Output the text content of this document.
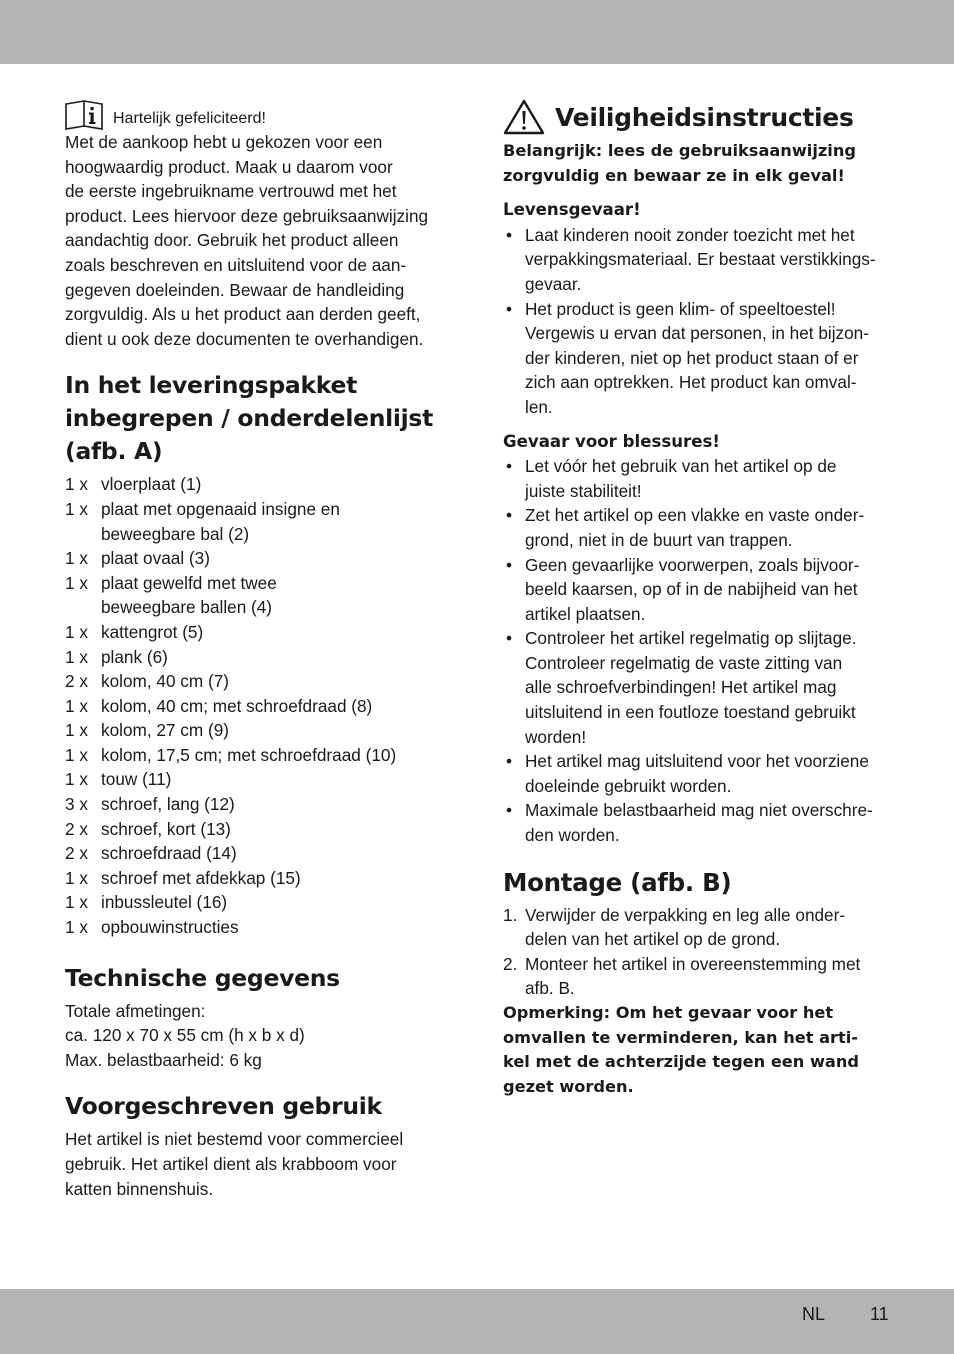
Hartelijk gefeliciteerd!
Met de aankoop hebt u gekozen voor een
hoogwaardig product. Maak u daarom voor
de eerste ingebruikname vertrouwd met het
product. Lees hiervoor deze gebruiksaanwijzing
aandachtig door. Gebruik het product alleen
zoals beschreven en uitsluitend voor de aan-
gegeven doeleinden. Bewaar de handleiding
zorgvuldig. Als u het product aan derden geeft,
dient u ook deze documenten te overhandigen.
In het leveringspakket
inbegrepen / onderdelenlijst
(afb. A)
1 x vloerplaat (1)
1 x plaat met opgenaaid insigne en
beweegbare bal (2)
1 x plaat ovaal (3)
1 x plaat gewelfd met twee
beweegbare ballen (4)
1 x kattengrot (5)
1 x plank (6)
2 x kolom, 40 cm (7)
1 x kolom, 40 cm; met schroefdraad (8)
1 x kolom, 27 cm (9)
1 x kolom, 17,5 cm; met schroefdraad (10)
1 x touw (11)
3 x schroef, lang (12)
2 x schroef, kort (13)
2 x schroefdraad (14)
1 x schroef met afdekkap (15)
1 x inbussleutel (16)
1 x opbouwinstructies
Technische gegevens
Totale afmetingen:
ca. 120 x 70 x 55 cm (h x b x d)
Max. belastbaarheid: 6 kg
Voorgeschreven gebruik
Het artikel is niet bestemd voor commercieel
gebruik. Het artikel dient als krabboom voor
katten binnenshuis.
Veiligheidsinstructies
Belangrijk: lees de gebruiksaanwijzing
zorgvuldig en bewaar ze in elk geval!
Levensgevaar!
• Laat kinderen nooit zonder toezicht met het
verpakkingsmateriaal. Er bestaat verstikkings-
gevaar.
• Het product is geen klim- of speeltoestel!
Vergewis u ervan dat personen, in het bijzon-
der kinderen, niet op het product staan of er
zich aan optrekken. Het product kan omval-
len.
Gevaar voor blessures!
• Let vóór het gebruik van het artikel op de
juiste stabiliteit!
• Zet het artikel op een vlakke en vaste onder-
grond, niet in de buurt van trappen.
• Geen gevaarlijke voorwerpen, zoals bijvoor-
beeld kaarsen, op of in de nabijheid van het
artikel plaatsen.
• Controleer het artikel regelmatig op slijtage.
Controleer regelmatig de vaste zitting van
alle schroefverbindingen! Het artikel mag
uitsluitend in een foutloze toestand gebruikt
worden!
• Het artikel mag uitsluitend voor het voorziene
doeleinde gebruikt worden.
• Maximale belastbaarheid mag niet overschre-
den worden.
Montage (afb. B)
1. Verwijder de verpakking en leg alle onder-
delen van het artikel op de grond.
2. Monteer het artikel in overeenstemming met
afb. B.
Opmerking: Om het gevaar voor het
omvallen te verminderen, kan het arti-
kel met de achterzijde tegen een wand
gezet worden.
NL 11
